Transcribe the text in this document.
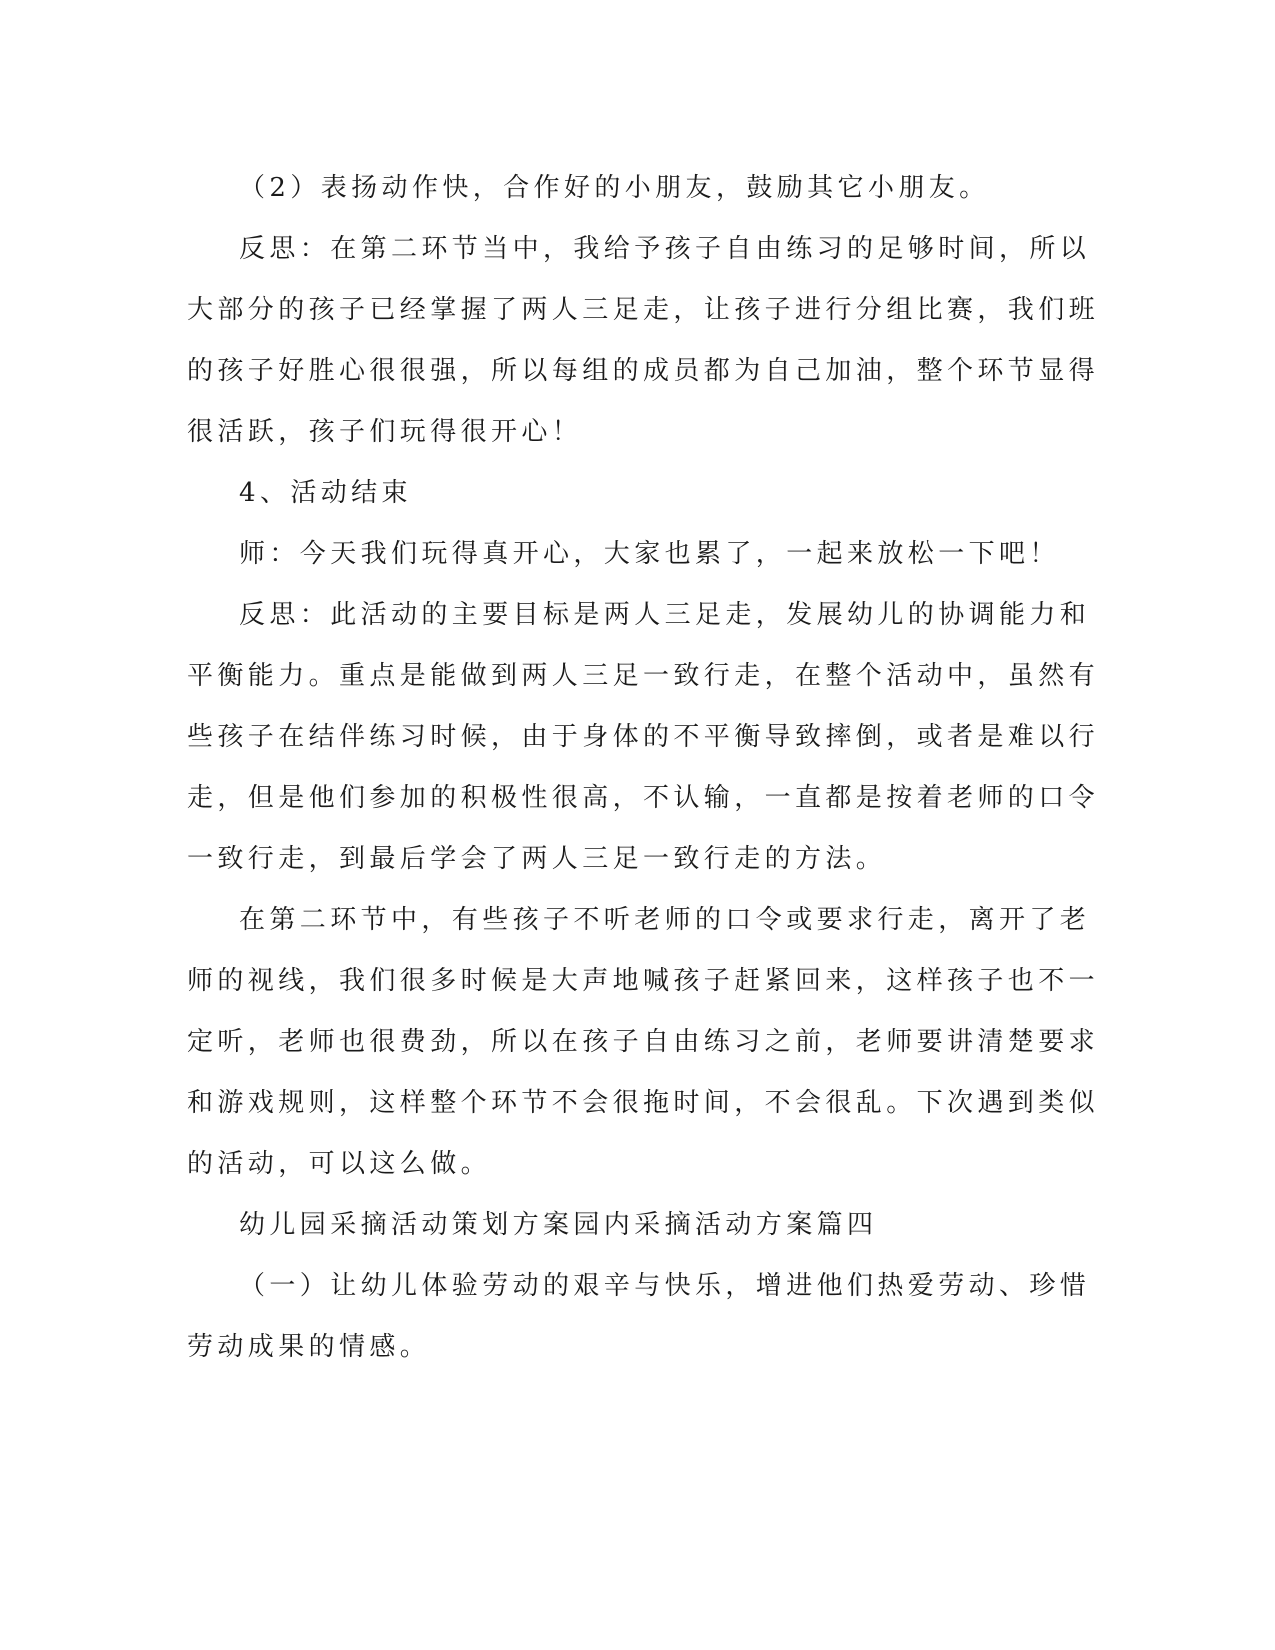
（2）表扬动作快，合作好的小朋友，鼓励其它小朋友。

反思：在第二环节当中，我给予孩子自由练习的足够时间，所以

大部分的孩子已经掌握了两人三足走，让孩子进行分组比赛，我们班

的孩子好胜心很很强，所以每组的成员都为自己加油，整个环节显得

很活跃，孩子们玩得很开心！

4、活动结束

师：今天我们玩得真开心，大家也累了，一起来放松一下吧！

反思：此活动的主要目标是两人三足走，发展幼儿的协调能力和

平衡能力。重点是能做到两人三足一致行走，在整个活动中，虽然有

些孩子在结伴练习时候，由于身体的不平衡导致摔倒，或者是难以行

走，但是他们参加的积极性很高，不认输，一直都是按着老师的口令

一致行走，到最后学会了两人三足一致行走的方法。

在第二环节中，有些孩子不听老师的口令或要求行走，离开了老

师的视线，我们很多时候是大声地喊孩子赶紧回来，这样孩子也不一

定听，老师也很费劲，所以在孩子自由练习之前，老师要讲清楚要求

和游戏规则，这样整个环节不会很拖时间，不会很乱。下次遇到类似

的活动，可以这么做。

幼儿园采摘活动策划方案园内采摘活动方案篇四

（一）让幼儿体验劳动的艰辛与快乐，增进他们热爱劳动、珍惜

劳动成果的情感。
